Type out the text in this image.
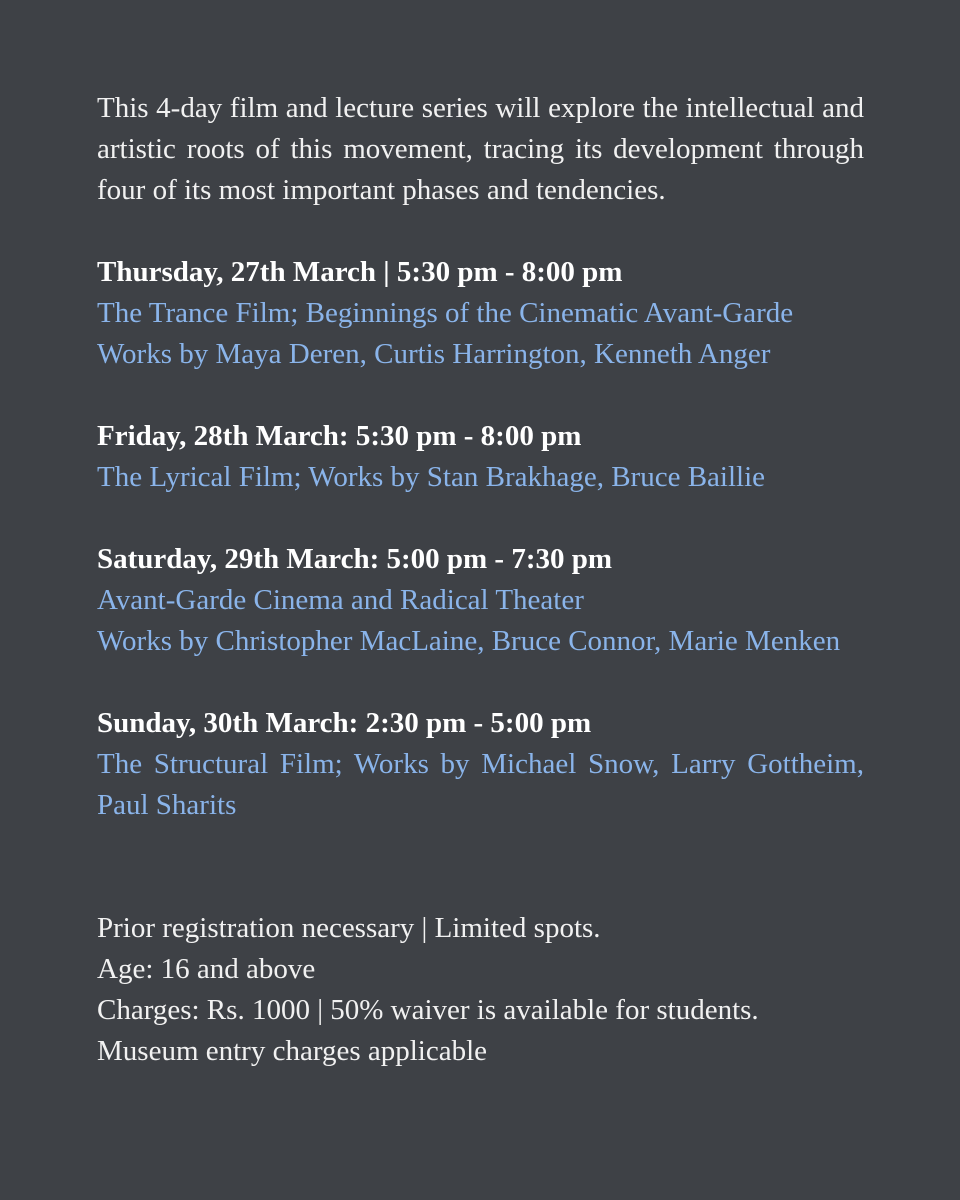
This 4-day film and lecture series will explore the intellectual and artistic roots of this movement, tracing its development through four of its most important phases and tendencies.

Thursday, 27th March | 5:30 pm - 8:00 pm

The Trance Film; Beginnings of the Cinematic Avant-Garde

Works by Maya Deren, Curtis Harrington, Kenneth Anger

Friday, 28th March: 5:30 pm - 8:00 pm

The Lyrical Film; Works by Stan Brakhage, Bruce Baillie

Saturday, 29th March: 5:00 pm - 7:30 pm

Avant-Garde Cinema and Radical Theater

Works by Christopher MacLaine, Bruce Connor, Marie Menken

Sunday, 30th March: 2:30 pm - 5:00 pm

The Structural Film; Works by Michael Snow, Larry Gottheim, Paul Sharits

Prior registration necessary | Limited spots.

Age: 16 and above

Charges: Rs. 1000 | 50% waiver is available for students.

Museum entry charges applicable
